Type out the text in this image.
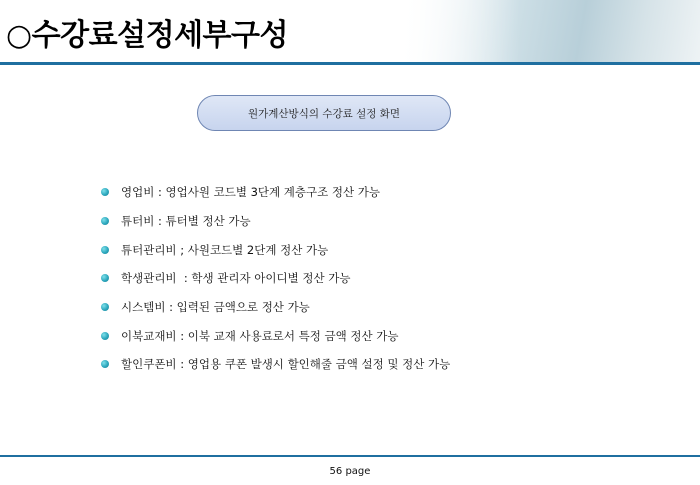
○수강료설정세부구성
원가계산방식의 수강료 설정 화면
영업비 : 영업사원 코드별 3단계 계층구조 정산 가능
튜터비 : 튜터별 정산 가능
튜터관리비 ; 사원코드별 2단계 정산 가능
학생관리비  : 학생 관리자 아이디별 정산 가능
시스템비 : 입력된 금액으로 정산 가능
이북교재비 : 이북 교재 사용료로서 특정 금액 정산 가능
할인쿠폰비 : 영업용 쿠폰 발생시 할인해줄 금액 설정 및 정산 가능
56 page
